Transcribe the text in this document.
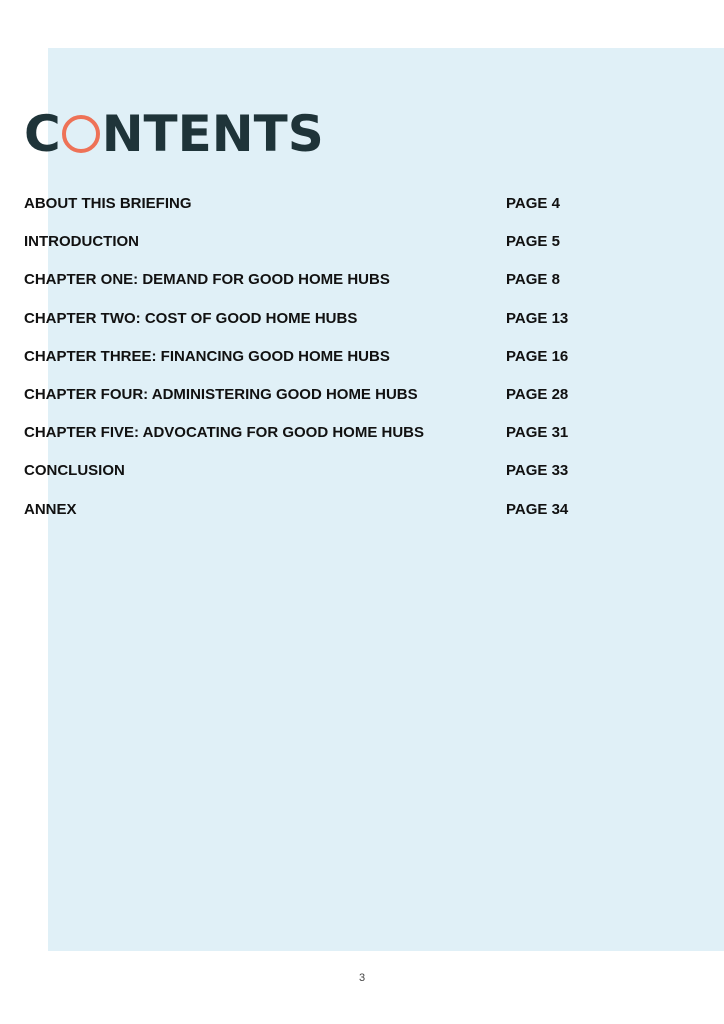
C NTENTS
ABOUT THIS BRIEFING	PAGE 4
INTRODUCTION	PAGE 5
CHAPTER ONE: DEMAND FOR GOOD HOME HUBS	PAGE 8
CHAPTER TWO: COST OF GOOD HOME HUBS	PAGE 13
CHAPTER THREE: FINANCING GOOD HOME HUBS	PAGE 16
CHAPTER FOUR: ADMINISTERING GOOD HOME HUBS	PAGE 28
CHAPTER FIVE: ADVOCATING FOR GOOD HOME HUBS	PAGE 31
CONCLUSION	PAGE 33
ANNEX	PAGE 34
3
